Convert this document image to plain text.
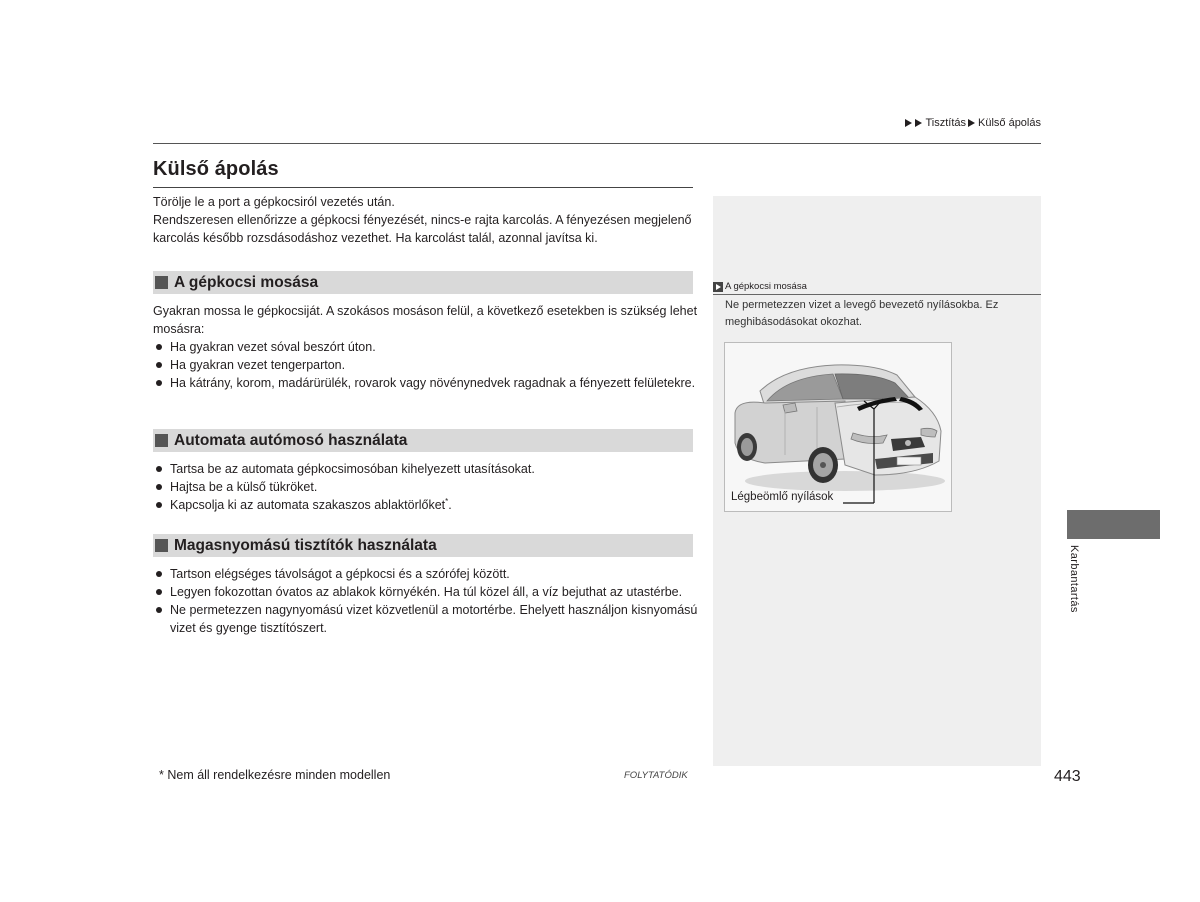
Tisztítás Külső ápolás
Külső ápolás

Törölje le a port a gépkocsiról vezetés után.

Rendszeresen ellenőrizze a gépkocsi fényezését, nincs-e rajta karcolás. A fényezésen megjelenő karcolás később rozsdásodáshoz vezethet. Ha karcolást talál, azonnal javítsa ki.

A gépkocsi mosása

Gyakran mossa le gépkocsiját. A szokásos mosáson felül, a következő esetekben is szükség lehet mosásra:

Ha gyakran vezet sóval beszórt úton.
Ha gyakran vezet tengerparton.
Ha kátrány, korom, madárürülék, rovarok vagy növénynedvek ragadnak a fényezett felületekre.
Automata autómosó használata
Tartsa be az automata gépkocsimosóban kihelyezett utasításokat.
Hajtsa be a külső tükröket.
Kapcsolja ki az automata szakaszos ablaktörlőket*.
Magasnyomású tisztítók használata
Tartson elégséges távolságot a gépkocsi és a szórófej között.
Legyen fokozottan óvatos az ablakok környékén. Ha túl közel áll, a víz bejuthat az utastérbe.
Ne permetezzen nagynyomású vizet közvetlenül a motortérbe. Ehelyett használjon kisnyomású vizet és gyenge tisztítószert.
A gépkocsi mosása
Ne permetezzen vizet a levegő bevezető nyílásokba. Ez meghibásodásokat okozhat.
Légbeömlő nyílások
Karbantartás
* Nem áll rendelkezésre minden modellen	FOLYTATÓDIK	443
